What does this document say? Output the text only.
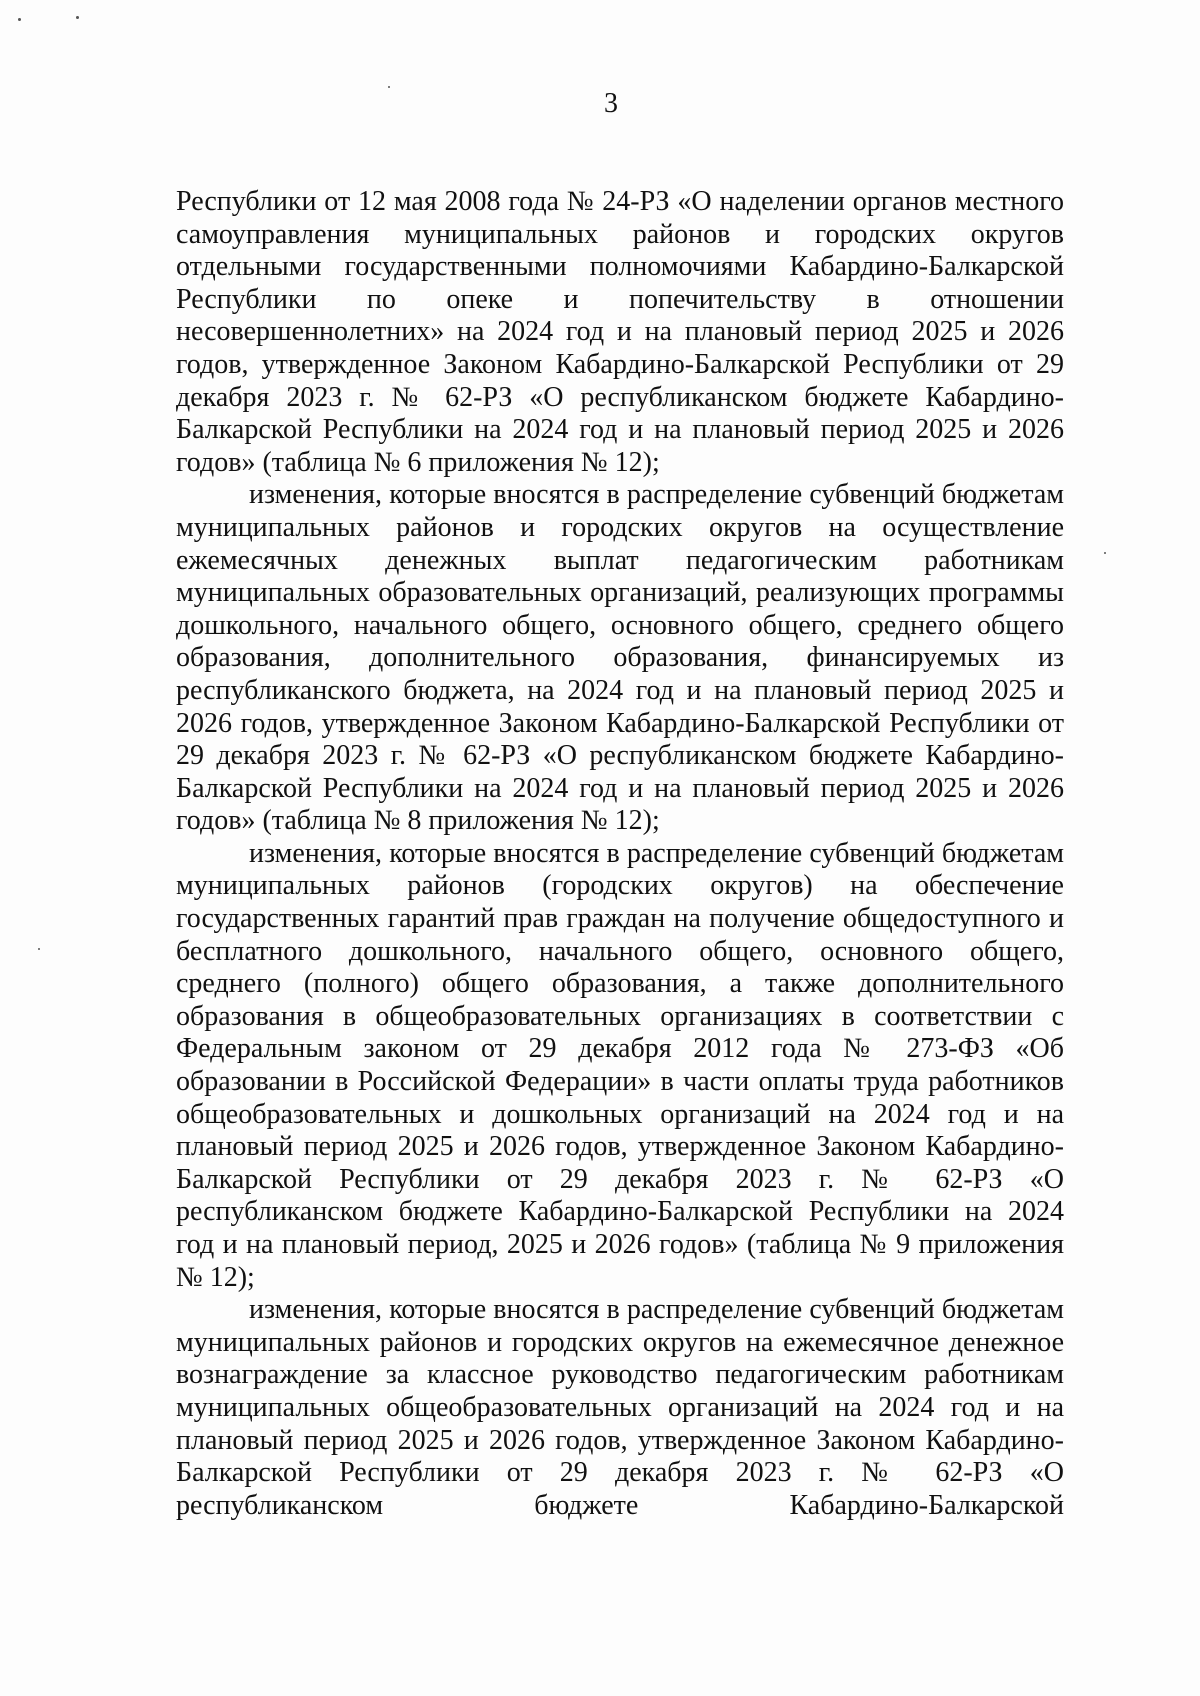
3

Республики от 12 мая 2008 года № 24-РЗ «О наделении органов местного самоуправления муниципальных районов и городских округов отдельными государственными полномочиями Кабардино-Балкарской Республики по опеке и попечительству в отношении несовершеннолетних» на 2024 год и на плановый период 2025 и 2026 годов, утвержденное Законом Кабардино-Балкарской Республики от 29 декабря 2023 г. № 62-РЗ «О республиканском бюджете Кабардино-Балкарской Республики на 2024 год и на плановый период 2025 и 2026 годов» (таблица № 6 приложения № 12);

изменения, которые вносятся в распределение субвенций бюджетам муниципальных районов и городских округов на осуществление ежемесячных денежных выплат педагогическим работникам муниципальных образовательных организаций, реализующих программы дошкольного, начального общего, основного общего, среднего общего образования, дополнительного образования, финансируемых из республиканского бюджета, на 2024 год и на плановый период 2025 и 2026 годов, утвержденное Законом Кабардино-Балкарской Республики от 29 декабря 2023 г. № 62-РЗ «О республиканском бюджете Кабардино-Балкарской Республики на 2024 год и на плановый период 2025 и 2026 годов» (таблица № 8 приложения № 12);

изменения, которые вносятся в распределение субвенций бюджетам муниципальных районов (городских округов) на обеспечение государственных гарантий прав граждан на получение общедоступного и бесплатного дошкольного, начального общего, основного общего, среднего (полного) общего образования, а также дополнительного образования в общеобразовательных организациях в соответствии с Федеральным законом от 29 декабря 2012 года № 273-ФЗ «Об образовании в Российской Федерации» в части оплаты труда работников общеобразовательных и дошкольных организаций на 2024 год и на плановый период 2025 и 2026 годов, утвержденное Законом Кабардино-Балкарской Республики от 29 декабря 2023 г. № 62-РЗ «О республиканском бюджете Кабардино-Балкарской Республики на 2024 год и на плановый период, 2025 и 2026 годов» (таблица № 9 приложения № 12);

изменения, которые вносятся в распределение субвенций бюджетам муниципальных районов и городских округов на ежемесячное денежное вознаграждение за классное руководство педагогическим работникам муниципальных общеобразовательных организаций на 2024 год и на плановый период 2025 и 2026 годов, утвержденное Законом Кабардино-Балкарской Республики от 29 декабря 2023 г. № 62-РЗ «О республиканском бюджете Кабардино-Балкарской
